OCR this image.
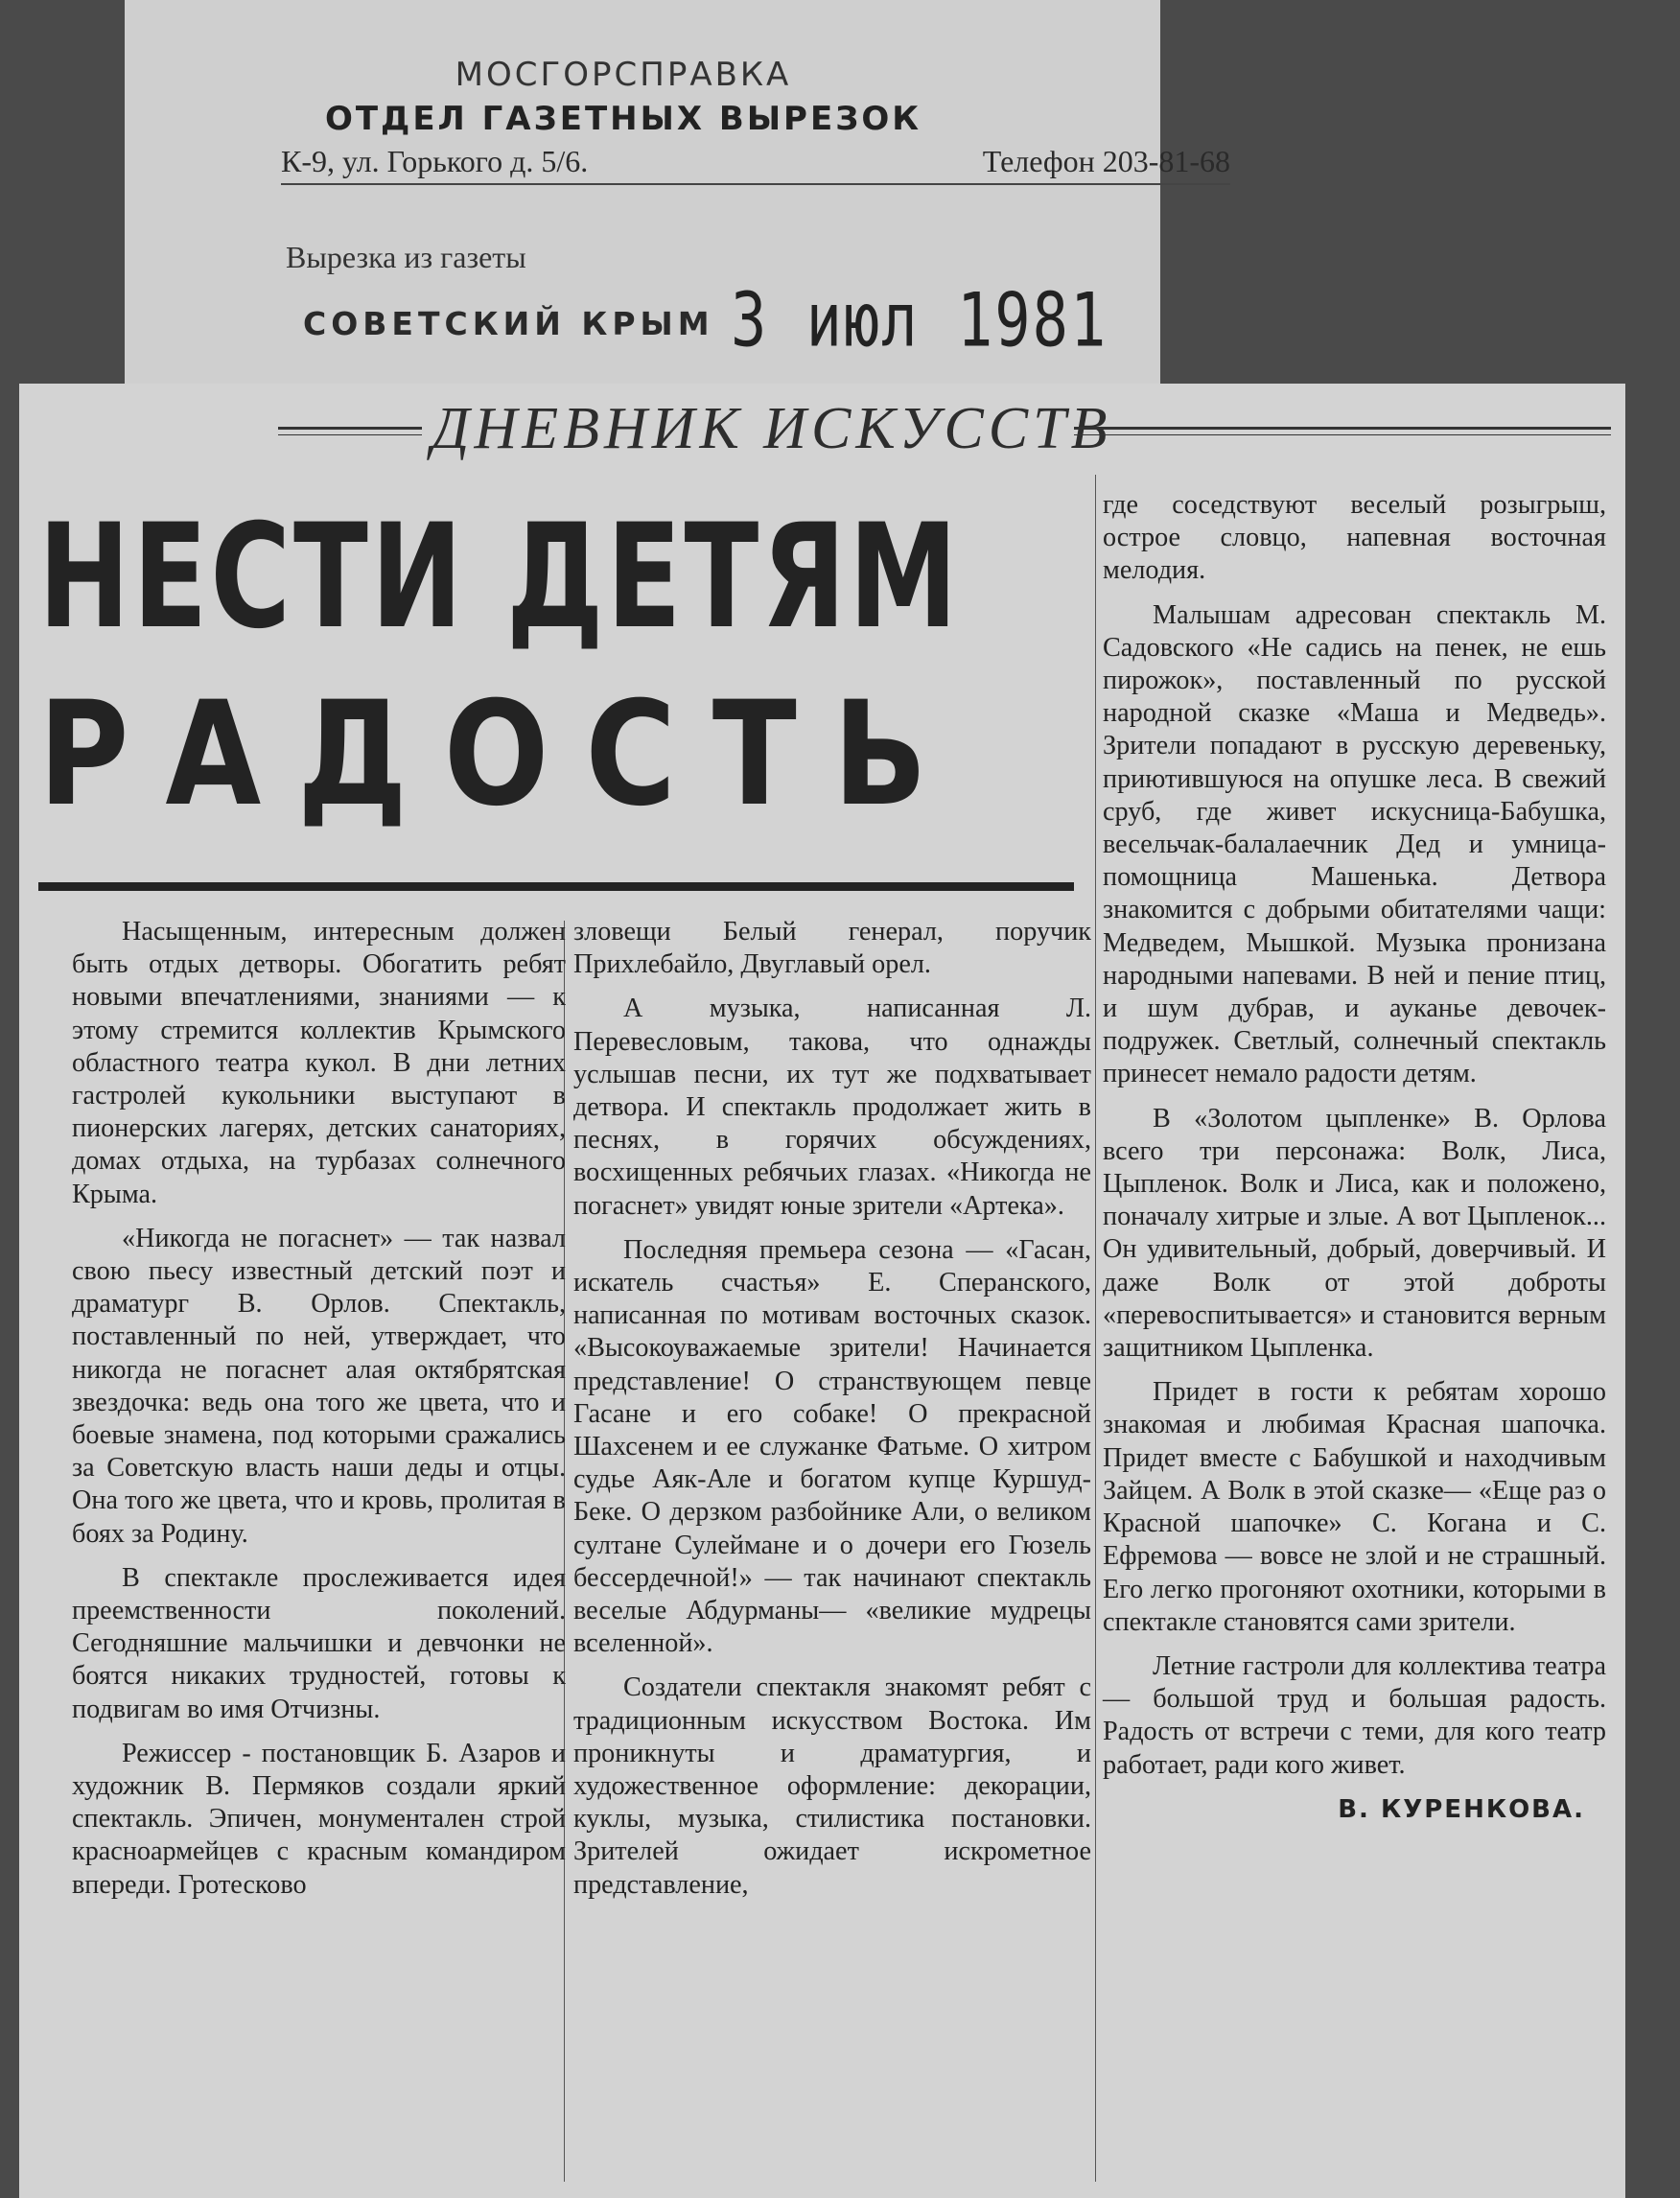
МОСГОРСПРАВКА
ОТДЕЛ ГАЗЕТНЫХ ВЫРЕЗОК
К-9, ул. Горького д. 5/6.	Телефон 203-81-68
Вырезка из газеты
СОВЕТСКИЙ КРЫМ 3 июл 1981
ДНЕВНИК ИСКУССТВ
НЕСТИ ДЕТЯМ
РАДОСТЬ

Насыщенным, интересным должен быть отдых детворы. Обогатить ребят новыми впечатлениями, знаниями — к этому стремится коллектив Крымского областного театра кукол. В дни летних гастролей кукольники выступают в пионерских лагерях, детских санаториях, домах отдыха, на турбазах солнечного Крыма.

«Никогда не погаснет» — так назвал свою пьесу известный детский поэт и драматург В. Орлов. Спектакль, поставленный по ней, утверждает, что никогда не погаснет алая октябрятская звездочка: ведь она того же цвета, что и боевые знамена, под которыми сражались за Советскую власть наши деды и отцы. Она того же цвета, что и кровь, пролитая в боях за Родину.

В спектакле прослеживается идея преемственности поколений. Сегодняшние мальчишки и девчонки не боятся никаких трудностей, готовы к подвигам во имя Отчизны.

Режиссер - постановщик Б. Азаров и художник В. Пермяков создали яркий спектакль. Эпичен, монументален строй красноармейцев с красным командиром впереди. Гротесково

зловещи Белый генерал, поручик Прихлебайло, Двуглавый орел.

А музыка, написанная Л. Перевесловым, такова, что однажды услышав песни, их тут же подхватывает детвора. И спектакль продолжает жить в песнях, в горячих обсуждениях, восхищенных ребячьих глазах. «Никогда не погаснет» увидят юные зрители «Артека».

Последняя премьера сезона — «Гасан, искатель счастья» Е. Сперанского, написанная по мотивам восточных сказок. «Высокоуважаемые зрители! Начинается представление! О странствующем певце Гасане и его собаке! О прекрасной Шахсенем и ее служанке Фатьме. О хитром судье Аяк-Але и богатом купце Куршуд-Беке. О дерзком разбойнике Али, о великом султане Сулеймане и о дочери его Гюзель бессердечной!» — так начинают спектакль веселые Абдурманы— «великие мудрецы вселенной».

Создатели спектакля знакомят ребят с традиционным искусством Востока. Им проникнуты и драматургия, и художественное оформление: декорации, куклы, музыка, стилистика постановки. Зрителей ожидает искрометное представление,

где соседствуют веселый розыгрыш, острое словцо, напевная восточная мелодия.

Малышам адресован спектакль М. Садовского «Не садись на пенек, не ешь пирожок», поставленный по русской народной сказке «Маша и Медведь». Зрители попадают в русскую деревеньку, приютившуюся на опушке леса. В свежий сруб, где живет искусница-Бабушка, весельчак-балалаечник Дед и умница-помощница Машенька. Детвора знакомится с добрыми обитателями чащи: Медведем, Мышкой. Музыка пронизана народными напевами. В ней и пение птиц, и шум дубрав, и ауканье девочек-подружек. Светлый, солнечный спектакль принесет немало радости детям.

В «Золотом цыпленке» В. Орлова всего три персонажа: Волк, Лиса, Цыпленок. Волк и Лиса, как и положено, поначалу хитрые и злые. А вот Цыпленок... Он удивительный, добрый, доверчивый. И даже Волк от этой доброты «перевоспитывается» и становится верным защитником Цыпленка.

Придет в гости к ребятам хорошо знакомая и любимая Красная шапочка. Придет вместе с Бабушкой и находчивым Зайцем. А Волк в этой сказке— «Еще раз о Красной шапочке» С. Когана и С. Ефремова — вовсе не злой и не страшный. Его легко прогоняют охотники, которыми в спектакле становятся сами зрители.

Летние гастроли для коллектива театра — большой труд и большая радость. Радость от встречи с теми, для кого театр работает, ради кого живет.

В. КУРЕНКОВА.
